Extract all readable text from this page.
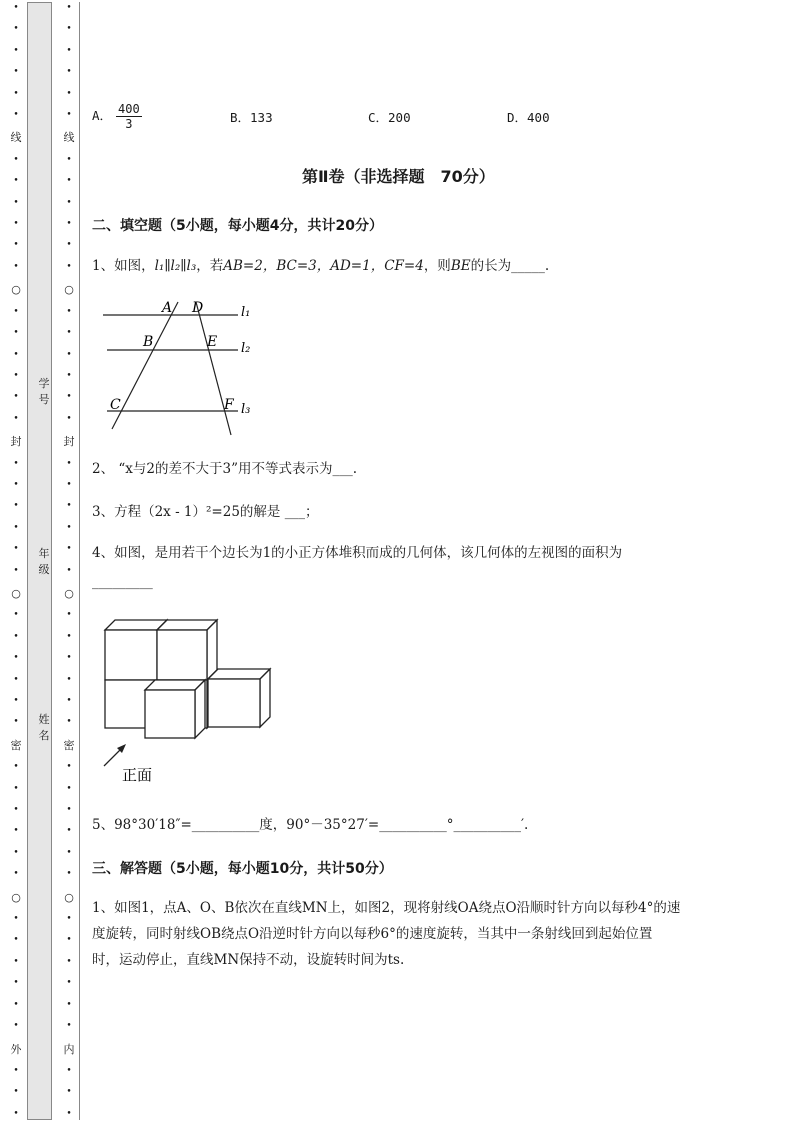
•
•
•
•
•
•
线
•
•
•
•
•
•
○
•
•
•
•
•
•
封
•
•
•
•
•
•
○
•
•
•
•
•
•
密
•
•
•
•
•
•
○
•
•
•
•
•
•
外
•
•
•
•
•
•
•
•
•
线
•
•
•
•
•
•
○
•
•
•
•
•
•
封
•
•
•
•
•
•
○
•
•
•
•
•
•
密
•
•
•
•
•
•
○
•
•
•
•
•
•
内
•
•
•
学
号
年
级
姓
名
A． $\frac{400}{3}$	B．133	C．200	D．400
第Ⅱ卷（非选择题　70分）
二、填空题（5小题，每小题4分，共计20分）
1、如图，l₁∥l₂∥l₃，若AB=2，BC=3，AD=1，CF=4，则BE的长为_____.
A D
B	E
C	F
l₁
l₂
l₃
2、 “x与2的差不大于3”用不等式表示为___.
3、方程（2x - 1）²=25的解是 ___；
4、如图，是用若干个边长为1的小正方体堆积而成的几何体，该几何体的左视图的面积为
_________
正面
5、98°30′18″=__________度，90°－35°27′=__________°__________′.
三、解答题（5小题，每小题10分，共计50分）
1、如图1，点A、O、B依次在直线MN上，如图2，现将射线OA绕点O沿顺时针方向以每秒4°的速
度旋转，同时射线OB绕点O沿逆时针方向以每秒6°的速度旋转，当其中一条射线回到起始位置
时，运动停止，直线MN保持不动，设旋转时间为ts.
